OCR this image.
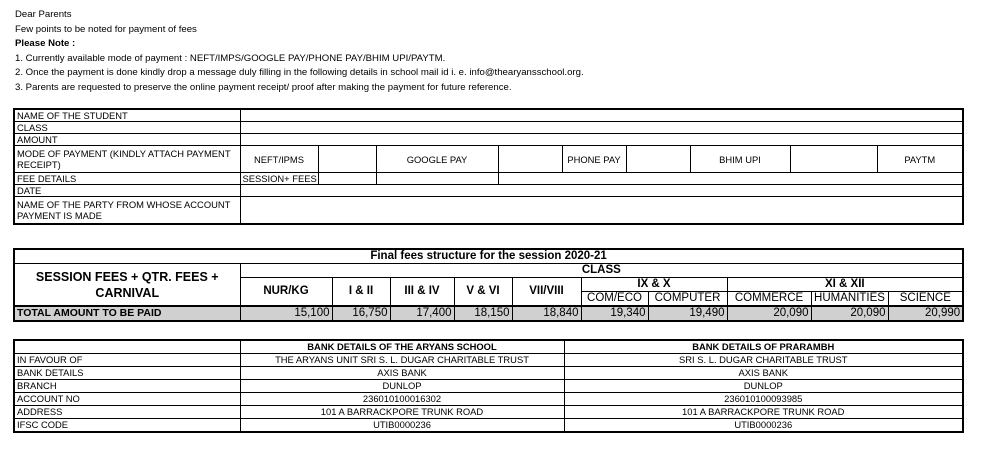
Dear Parents
Few points to be noted for payment of fees
Please Note :
1. Currently available mode of payment : NEFT/IMPS/GOOGLE PAY/PHONE PAY/BHIM UPI/PAYTM.
2. Once the payment is done kindly drop a message duly filling in the following details in school mail id i. e. info@thearyansschool.org.
3. Parents are requested to preserve the online payment receipt/ proof after making the payment for future reference.
NAME OF THE STUDENT									
CLASS									
AMOUNT									
MODE OF PAYMENT (KINDLY ATTACH PAYMENT RECEIPT)	NEFT/IPMS		GOOGLE PAY		PHONE PAY		BHIM UPI		PAYTM
FEE DETAILS	SESSION+ FEES								
DATE									
NAME OF THE PARTY FROM WHOSE ACCOUNT PAYMENT IS MADE									
Final fees structure for the session 2020-21										
SESSION FEES + QTR. FEES + CARNIVAL	CLASS									
	NUR/KG	I & II	III & IV	V & VI	VII/VIII	IX & X		XI & XII		
						COM/ECO	COMPUTER	COMMERCE	HUMANITIES	SCIENCE
TOTAL AMOUNT TO BE PAID	15,100	16,750	17,400	18,150	18,840	19,340	19,490	20,090	20,090	20,990
	BANK DETAILS OF THE ARYANS SCHOOL	BANK DETAILS OF PRARAMBH
IN FAVOUR OF	THE ARYANS UNIT SRI S. L. DUGAR CHARITABLE TRUST	SRI S. L. DUGAR CHARITABLE TRUST
BANK DETAILS	AXIS BANK	AXIS BANK
BRANCH	DUNLOP	DUNLOP
ACCOUNT NO	236010100016302	236010100093985
ADDRESS	101 A BARRACKPORE TRUNK ROAD	101 A BARRACKPORE TRUNK ROAD
IFSC CODE	UTIB0000236	UTIB0000236
